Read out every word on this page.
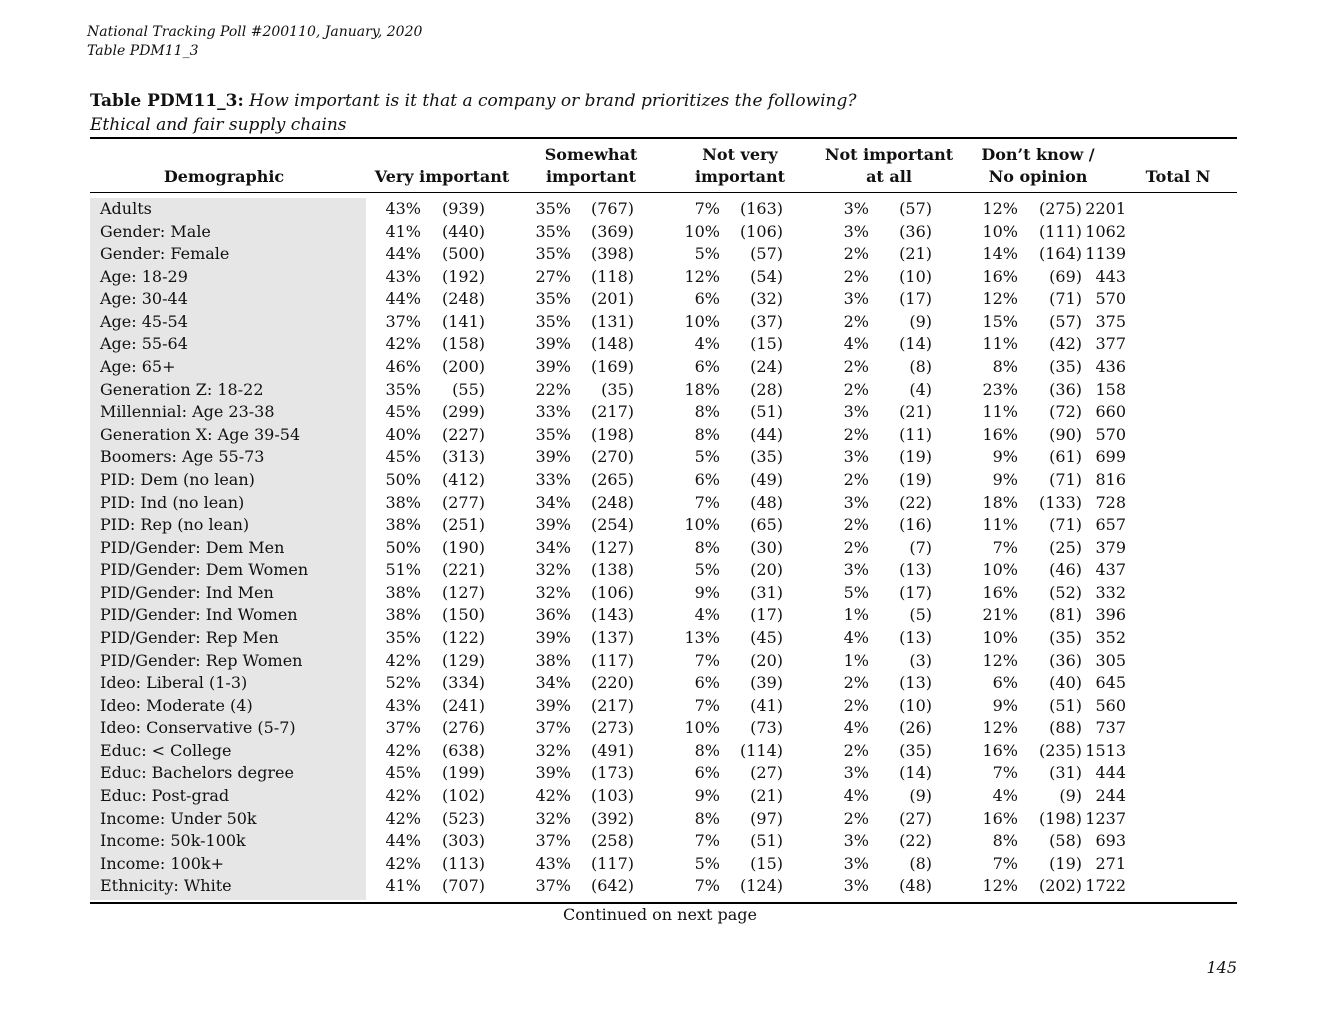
National Tracking Poll #200110, January, 2020
Table PDM11_3
Table PDM11_3: How important is it that a company or brand prioritizes the following?
Ethical and fair supply chains
Demographic	Very important
Somewhat
important
Not very
important
Not important
at all
Don’t know /
No opinion	Total N
Adults	43% (939)	35% (767)	7% (163)	3% (57)	12% (275) 2201
Gender: Male	41% (440)	35% (369)	10% (106)	3% (36)	10% (111) 1062
Gender: Female	44% (500)	35% (398)	5% (57)	2% (21)	14% (164) 1139
Age: 18-29	43% (192)	27% (118)	12% (54)	2% (10)	16% (69) 443
Age: 30-44	44% (248)	35% (201)	6% (32)	3% (17)	12% (71) 570
Age: 45-54	37% (141)	35% (131)	10% (37)	2%	(9)	15% (57) 375
Age: 55-64	42% (158)	39% (148)	4% (15)	4% (14)	11% (42) 377
Age: 65+	46% (200)	39% (169)	6% (24)	2%	(8)	8% (35) 436
Generation Z: 18-22	35% (55)	22% (35)	18% (28)	2%	(4)	23% (36) 158
Millennial: Age 23-38	45% (299)	33% (217)	8% (51)	3% (21)	11% (72) 660
Generation X: Age 39-54	40% (227)	35% (198)	8% (44)	2% (11)	16% (90) 570
Boomers: Age 55-73	45% (313)	39% (270)	5% (35)	3% (19)	9% (61) 699
PID: Dem (no lean)	50% (412)	33% (265)	6% (49)	2% (19)	9% (71) 816
PID: Ind (no lean)	38% (277)	34% (248)	7% (48)	3% (22)	18% (133) 728
PID: Rep (no lean)	38% (251)	39% (254)	10% (65)	2% (16)	11% (71) 657
PID/Gender: Dem Men	50% (190)	34% (127)	8% (30)	2%	(7)	7% (25) 379
PID/Gender: Dem Women	51% (221)	32% (138)	5% (20)	3% (13)	10% (46) 437
PID/Gender: Ind Men	38% (127)	32% (106)	9% (31)	5% (17)	16% (52) 332
PID/Gender: Ind Women	38% (150)	36% (143)	4% (17)	1%	(5)	21% (81) 396
PID/Gender: Rep Men	35% (122)	39% (137)	13% (45)	4% (13)	10% (35) 352
PID/Gender: Rep Women	42% (129)	38% (117)	7% (20)	1%	(3)	12% (36) 305
Ideo: Liberal (1-3)	52% (334)	34% (220)	6% (39)	2% (13)	6% (40) 645
Ideo: Moderate (4)	43% (241)	39% (217)	7% (41)	2% (10)	9% (51) 560
Ideo: Conservative (5-7)	37% (276)	37% (273)	10% (73)	4% (26)	12% (88) 737
Educ: < College	42% (638)	32% (491)	8% (114)	2% (35)	16% (235) 1513
Educ: Bachelors degree	45% (199)	39% (173)	6% (27)	3% (14)	7% (31) 444
Educ: Post-grad	42% (102)	42% (103)	9% (21)	4%	(9)	4%	(9) 244
Income: Under 50k	42% (523)	32% (392)	8% (97)	2% (27)	16% (198) 1237
Income: 50k-100k	44% (303)	37% (258)	7% (51)	3% (22)	8% (58) 693
Income: 100k+	42% (113)	43% (117)	5% (15)	3%	(8)	7% (19) 271
Ethnicity: White	41% (707)	37% (642)	7% (124)	3% (48)	12% (202) 1722
Continued on next page
145
